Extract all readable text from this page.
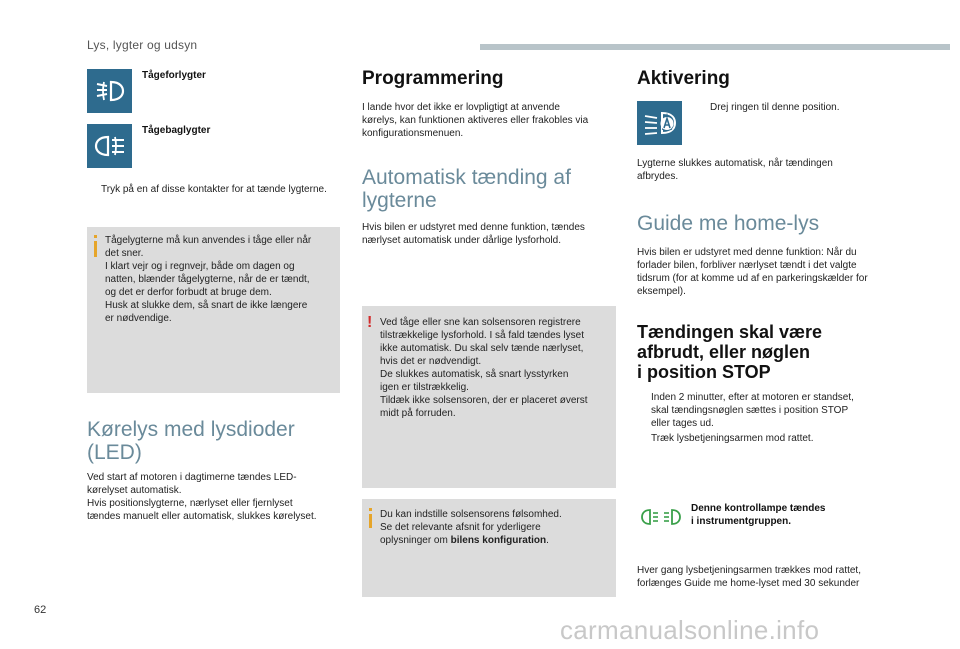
Lys, lygter og udsyn
Tågeforlygter
Tågebaglygter
Tryk på en af disse kontakter for at tænde lygterne.
Tågelygterne må kun anvendes i tåge eller når
det sner.
I klart vejr og i regnvejr, både om dagen og
natten, blænder tågelygterne, når de er tændt,
og det er derfor forbudt at bruge dem.
Husk at slukke dem, så snart de ikke længere
er nødvendige.
Kørelys med lysdioder
(LED)
Ved start af motoren i dagtimerne tændes LED-
kørelyset automatisk.
Hvis positionslygterne, nærlyset eller fjernlyset
tændes manuelt eller automatisk, slukkes kørelyset.
Programmering
I lande hvor det ikke er lovpligtigt at anvende
kørelys, kan funktionen aktiveres eller frakobles via
konfigurationsmenuen.
Automatisk tænding af
lygterne
Hvis bilen er udstyret med denne funktion, tændes
nærlyset automatisk under dårlige lysforhold.
! Ved tåge eller sne kan solsensoren registrere
tilstrækkelige lysforhold. I så fald tændes lyset
ikke automatisk. Du skal selv tænde nærlyset,
hvis det er nødvendigt.
De slukkes automatisk, så snart lysstyrken
igen er tilstrækkelig.
Tildæk ikke solsensoren, der er placeret øverst
midt på forruden.
Du kan indstille solsensorens følsomhed.
Se det relevante afsnit for yderligere
oplysninger om bilens konfiguration.
Aktivering
Drej ringen til denne position.
Lygterne slukkes automatisk, når tændingen
afbrydes.
Guide me home-lys
Hvis bilen er udstyret med denne funktion: Når du
forlader bilen, forbliver nærlyset tændt i det valgte
tidsrum (for at komme ud af en parkeringskælder for
eksempel).
Tændingen skal være
afbrudt, eller nøglen
i position STOP
Inden 2 minutter, efter at motoren er standset,
skal tændingsnøglen sættes i position STOP
eller tages ud.
Træk lysbetjeningsarmen mod rattet.
Denne kontrollampe tændes
i instrumentgruppen.
Hver gang lysbetjeningsarmen trækkes mod rattet,
forlænges Guide me home-lyset med 30 sekunder
62
carmanualsonline.info
